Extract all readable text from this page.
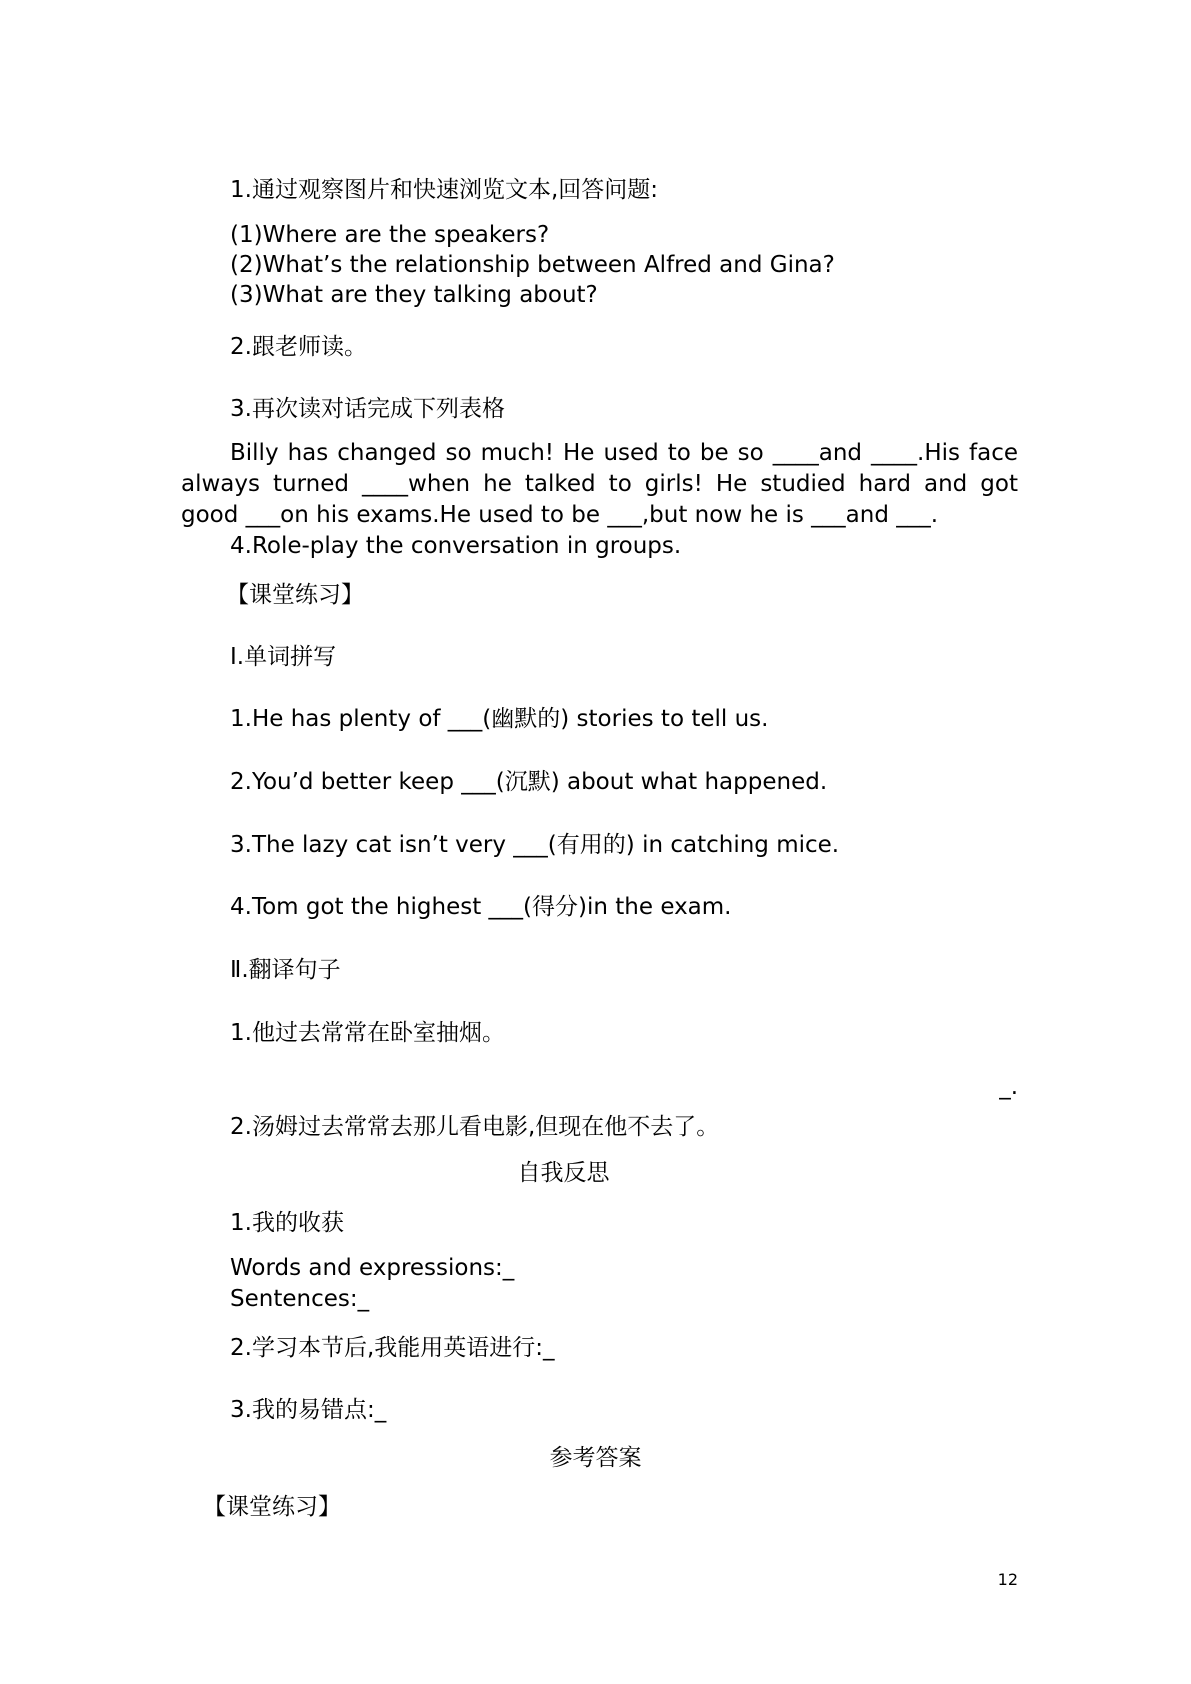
1.通过观察图片和快速浏览文本,回答问题:
(1)Where are the speakers?
(2)What’s the relationship between Alfred and Gina?
(3)What are they talking about?
2.跟老师读。
3.再次读对话完成下列表格
Billy has changed so much! He used to be so ____and ____.His face
always turned ____when he talked to girls! He studied hard and got
good ___on his exams.He used to be ___,but now he is ___and ___.
4.Role-play the conversation in groups.
【课堂练习】
Ⅰ.单词拼写
1.He has plenty of ___(幽默的) stories to tell us.
2.You’d better keep ___(沉默) about what happened.
3.The lazy cat isn’t very ___(有用的) in catching mice.
4.Tom got the highest ___(得分)in the exam.
Ⅱ.翻译句子
1.他过去常常在卧室抽烟。
_.
2.汤姆过去常常去那儿看电影,但现在他不去了。
自我反思
1.我的收获
Words and expressions:_
Sentences:_
2.学习本节后,我能用英语进行:_
3.我的易错点:_
参考答案
【课堂练习】
12
